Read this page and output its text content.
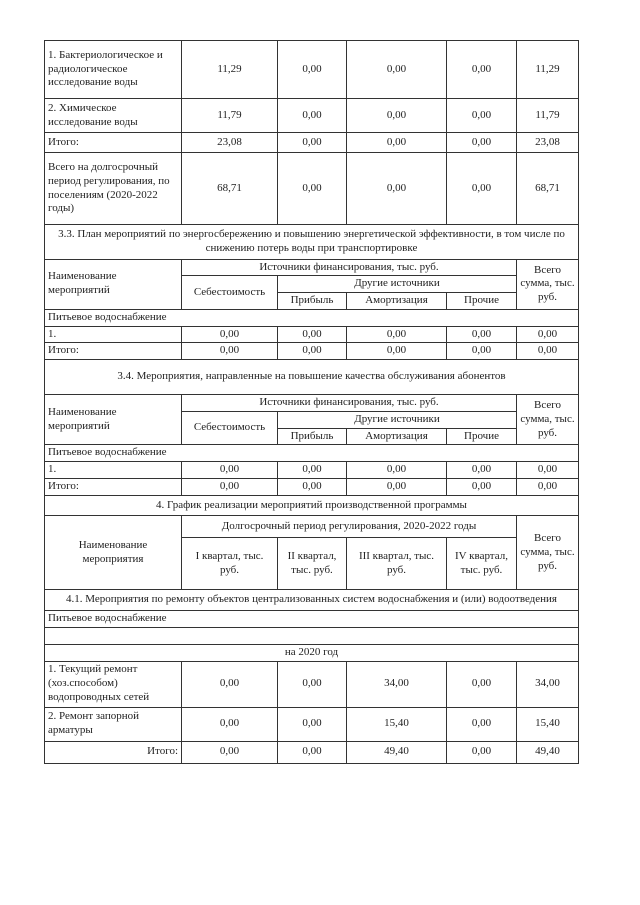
1. Бактериологическое и радиологическое исследование воды	11,29	0,00	0,00	0,00	11,29
2. Химическое исследование воды	11,79	0,00	0,00	0,00	11,79
Итого:	23,08	0,00	0,00	0,00	23,08
Всего на долгосрочный период регулирования, по поселениям (2020-2022 годы)	68,71	0,00	0,00	0,00	68,71
3.3. План мероприятий по энергосбережению и повышению энергетической эффективности, в том числе по снижению потерь воды при транспортировке					
Наименование мероприятий	Источники финансирования, тыс. руб.				Всего сумма, тыс. руб.
	Себестоимость	Другие источники			
		Прибыль	Амортизация	Прочие	
Питьевое водоснабжение					
1.	0,00	0,00	0,00	0,00	0,00
Итого:	0,00	0,00	0,00	0,00	0,00
3.4. Мероприятия, направленные на повышение качества обслуживания абонентов					
Наименование мероприятий	Источники финансирования, тыс. руб.				Всего сумма, тыс. руб.
	Себестоимость	Другие источники			
		Прибыль	Амортизация	Прочие	
Питьевое водоснабжение					
1.	0,00	0,00	0,00	0,00	0,00
Итого:	0,00	0,00	0,00	0,00	0,00
4. График реализации мероприятий производственной программы					
Наименование мероприятия	Долгосрочный период регулирования, 2020-2022 годы				Всего сумма, тыс. руб.
	I квартал, тыс. руб.	II квартал, тыс. руб.	III квартал, тыс. руб.	IV квартал, тыс. руб.	
4.1. Мероприятия по ремонту объектов централизованных систем водоснабжения и (или) водоотведения					
Питьевое водоснабжение					

на 2020 год					
1. Текущий ремонт (хоз.способом) водопроводных сетей	0,00	0,00	34,00	0,00	34,00
2. Ремонт запорной арматуры	0,00	0,00	15,40	0,00	15,40
Итого:	0,00	0,00	49,40	0,00	49,40
